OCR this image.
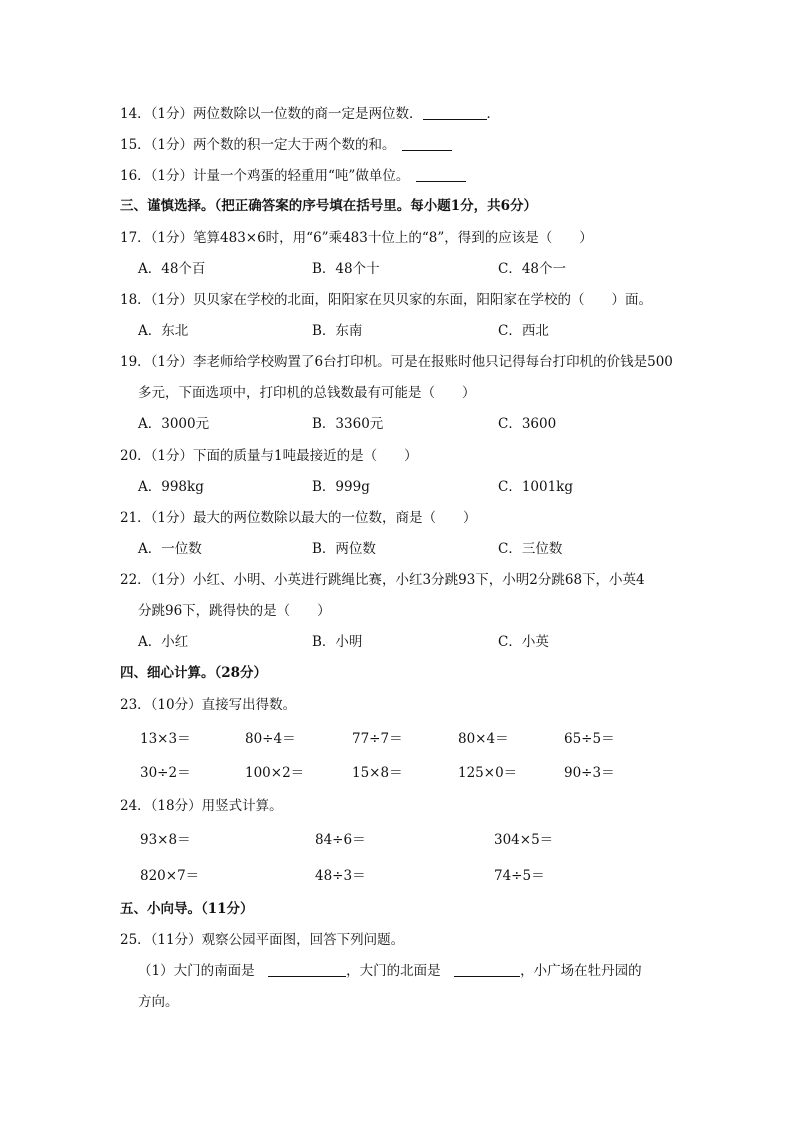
14．（1分）两位数除以一位数的商一定是两位数．	．
15．（1分）两个数的积一定大于两个数的和。　
16．（1分）计量一个鸡蛋的轻重用“吨”做单位。　
三、谨慎选择。（把正确答案的序号填在括号里。每小题1分，共6分）
17．（1分）笔算483×6时，用“6”乘483十位上的“8”，得到的应该是（　　）
A．48个百	B．48个十	C．48个一
18．（1分）贝贝家在学校的北面，阳阳家在贝贝家的东面，阳阳家在学校的（　　）面。
A．东北	B．东南	C．西北
19．（1分）李老师给学校购置了6台打印机。可是在报账时他只记得每台打印机的价钱是500
多元，下面选项中，打印机的总钱数最有可能是（　　）
A．3000元	B．3360元	C．3600
20．（1分）下面的质量与1吨最接近的是（　　）
A．998kg	B．999g	C．1001kg
21．（1分）最大的两位数除以最大的一位数，商是（　　）
A．一位数	B．两位数	C．三位数
22．（1分）小红、小明、小英进行跳绳比赛，小红3分跳93下，小明2分跳68下，小英4
分跳96下，跳得快的是（　　）
A．小红	B．小明	C．小英
四、细心计算。（28分）
23．（10分）直接写出得数。
13×3＝	80÷4＝	77÷7＝	80×4＝	65÷5＝
30÷2＝	100×2＝	15×8＝	125×0＝	90÷3＝
24．（18分）用竖式计算。
93×8＝	84÷6＝	304×5＝
820×7＝	48÷3＝	74÷5＝
五、小向导。（11分）
25．（11分）观察公园平面图，回答下列问题。
（1）大门的南面是　	，大门的北面是　	，小广场在牡丹园的
方向。
